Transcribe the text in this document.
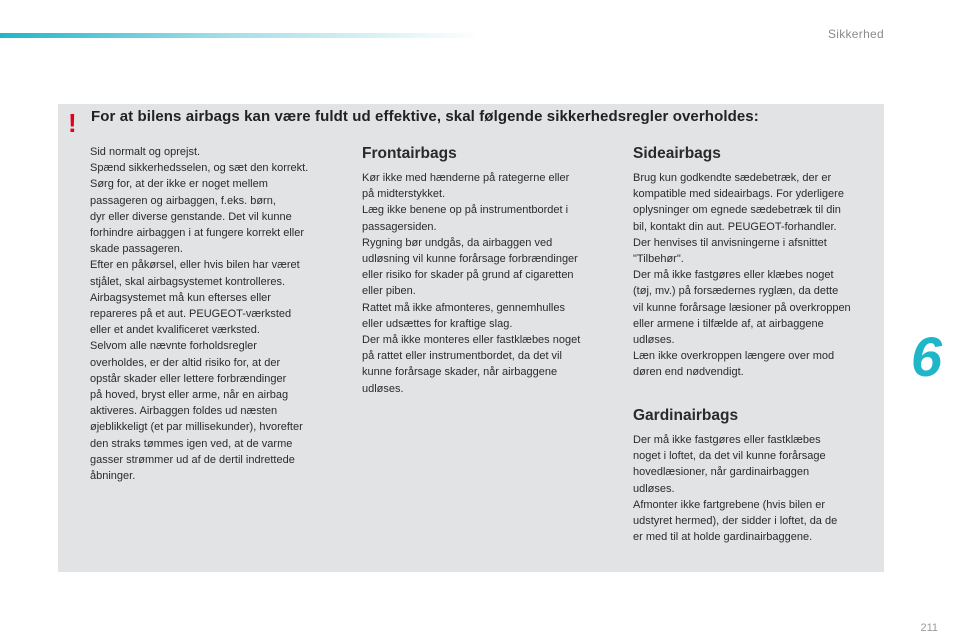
Sikkerhed
! For at bilens airbags kan være fuldt ud effektive, skal følgende sikkerhedsregler overholdes:

Sid normalt og oprejst.

Spænd sikkerhedsselen, og sæt den korrekt.

Sørg for, at der ikke er noget mellem

passageren og airbaggen, f.eks. børn,

dyr eller diverse genstande. Det vil kunne

forhindre airbaggen i at fungere korrekt eller

skade passageren.

Efter en påkørsel, eller hvis bilen har været

stjålet, skal airbagsystemet kontrolleres.

Airbagsystemet må kun efterses eller

repareres på et aut. PEUGEOT-værksted

eller et andet kvalificeret værksted.

Selvom alle nævnte forholdsregler

overholdes, er der altid risiko for, at der

opstår skader eller lettere forbrændinger

på hoved, bryst eller arme, når en airbag

aktiveres. Airbaggen foldes ud næsten

øjeblikkeligt (et par millisekunder), hvorefter

den straks tømmes igen ved, at de varme

gasser strømmer ud af de dertil indrettede

åbninger.

Frontairbags

Kør ikke med hænderne på rategerne eller

på midterstykket.

Læg ikke benene op på instrumentbordet i

passagersiden.

Rygning bør undgås, da airbaggen ved

udløsning vil kunne forårsage forbrændinger

eller risiko for skader på grund af cigaretten

eller piben.

Rattet må ikke afmonteres, gennemhulles

eller udsættes for kraftige slag.

Der må ikke monteres eller fastklæbes noget

på rattet eller instrumentbordet, da det vil

kunne forårsage skader, når airbaggene

udløses.

Sideairbags

Brug kun godkendte sædebetræk, der er

kompatible med sideairbags. For yderligere

oplysninger om egnede sædebetræk til din

bil, kontakt din aut. PEUGEOT-forhandler.

Der henvises til anvisningerne i afsnittet

"Tilbehør".

Der må ikke fastgøres eller klæbes noget

(tøj, mv.) på forsædernes ryglæn, da dette

vil kunne forårsage læsioner på overkroppen

eller armene i tilfælde af, at airbaggene

udløses.

Læn ikke overkroppen længere over mod

døren end nødvendigt.

Gardinairbags

Der må ikke fastgøres eller fastklæbes

noget i loftet, da det vil kunne forårsage

hovedlæsioner, når gardinairbaggen

udløses.

Afmonter ikke fartgrebene (hvis bilen er

udstyret hermed), der sidder i loftet, da de

er med til at holde gardinairbaggene.

6
211
